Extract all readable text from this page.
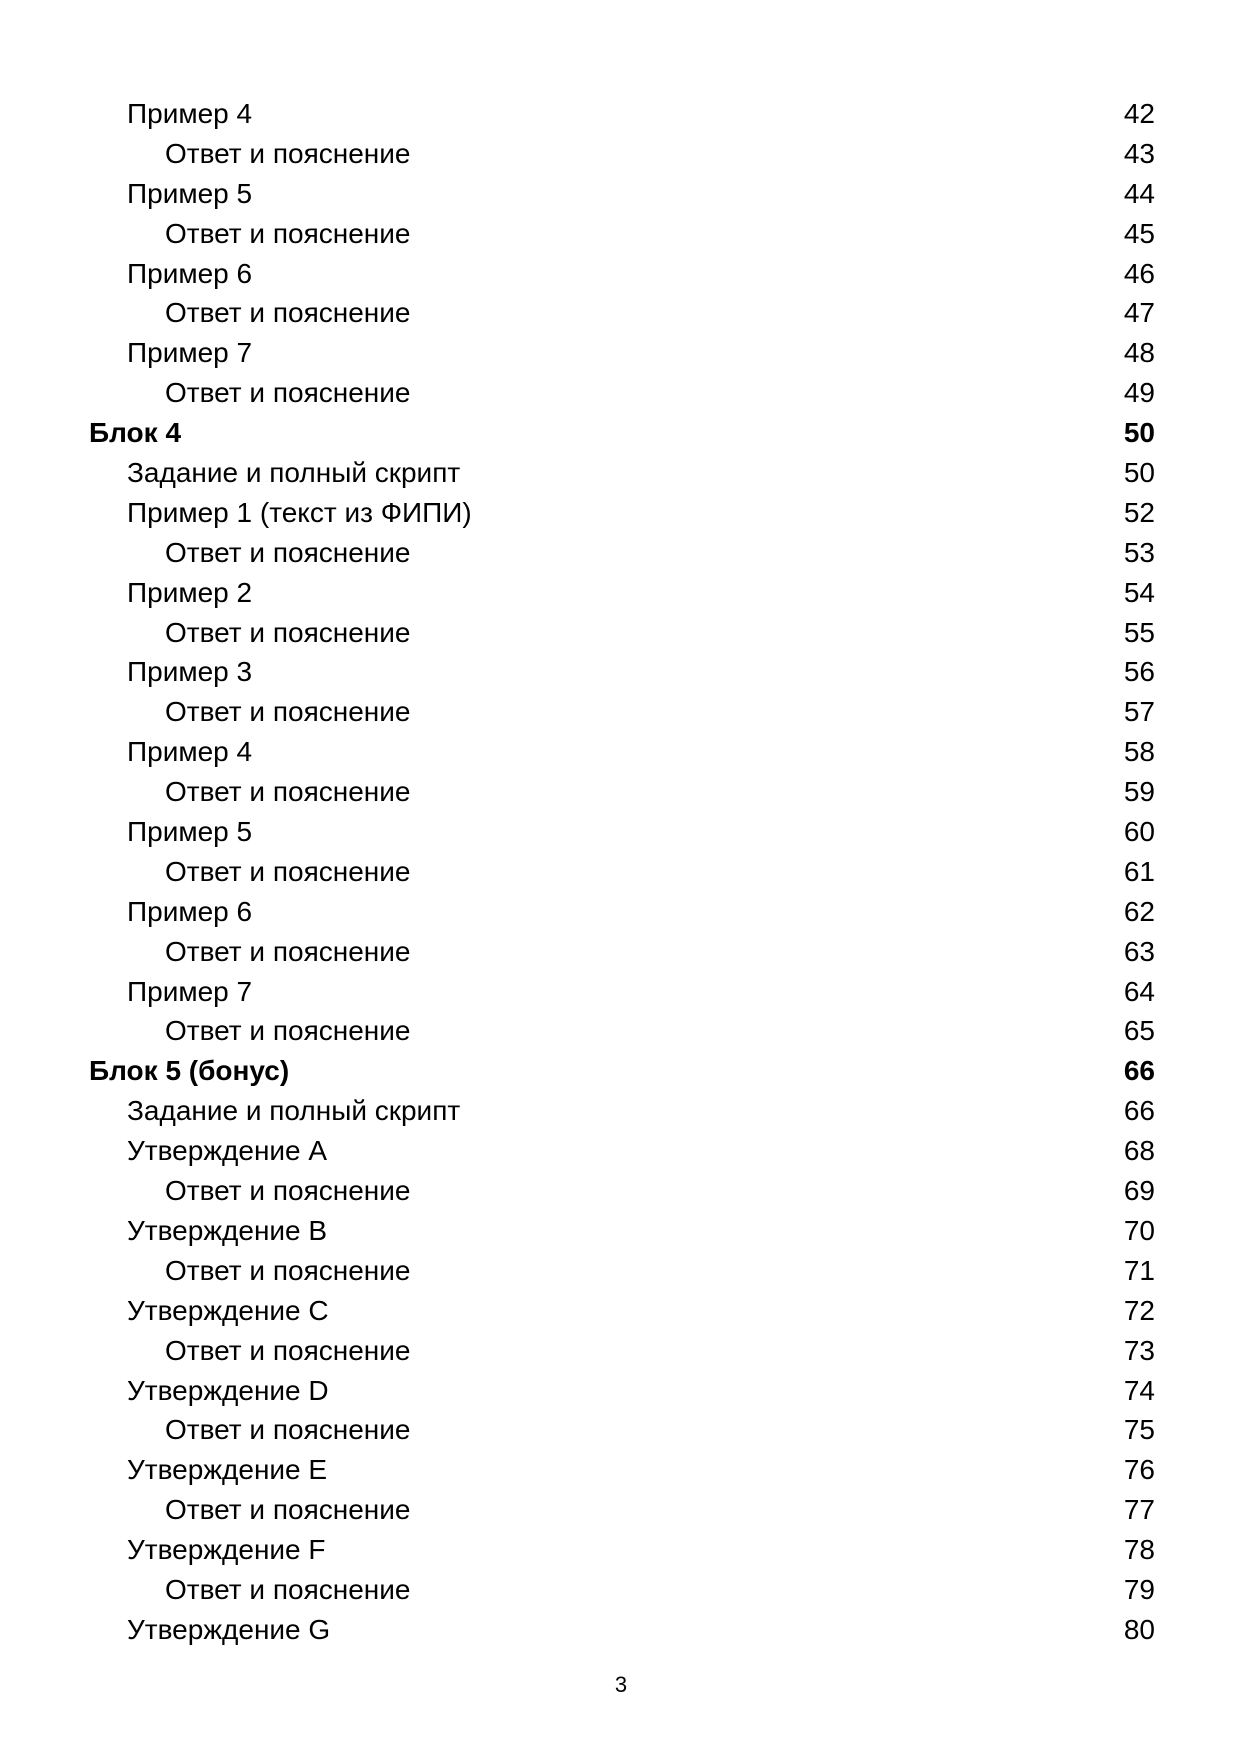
Пример 4	42
Ответ и пояснение	43
Пример 5	44
Ответ и пояснение	45
Пример 6	46
Ответ и пояснение	47
Пример 7	48
Ответ и пояснение	49
Блок 4	50
Задание и полный скрипт	50
Пример 1 (текст из ФИПИ)	52
Ответ и пояснение	53
Пример 2	54
Ответ и пояснение	55
Пример 3	56
Ответ и пояснение	57
Пример 4	58
Ответ и пояснение	59
Пример 5	60
Ответ и пояснение	61
Пример 6	62
Ответ и пояснение	63
Пример 7	64
Ответ и пояснение	65
Блок 5 (бонус)	66
Задание и полный скрипт	66
Утверждение A	68
Ответ и пояснение	69
Утверждение B	70
Ответ и пояснение	71
Утверждение C	72
Ответ и пояснение	73
Утверждение D	74
Ответ и пояснение	75
Утверждение E	76
Ответ и пояснение	77
Утверждение F	78
Ответ и пояснение	79
Утверждение G	80
3
